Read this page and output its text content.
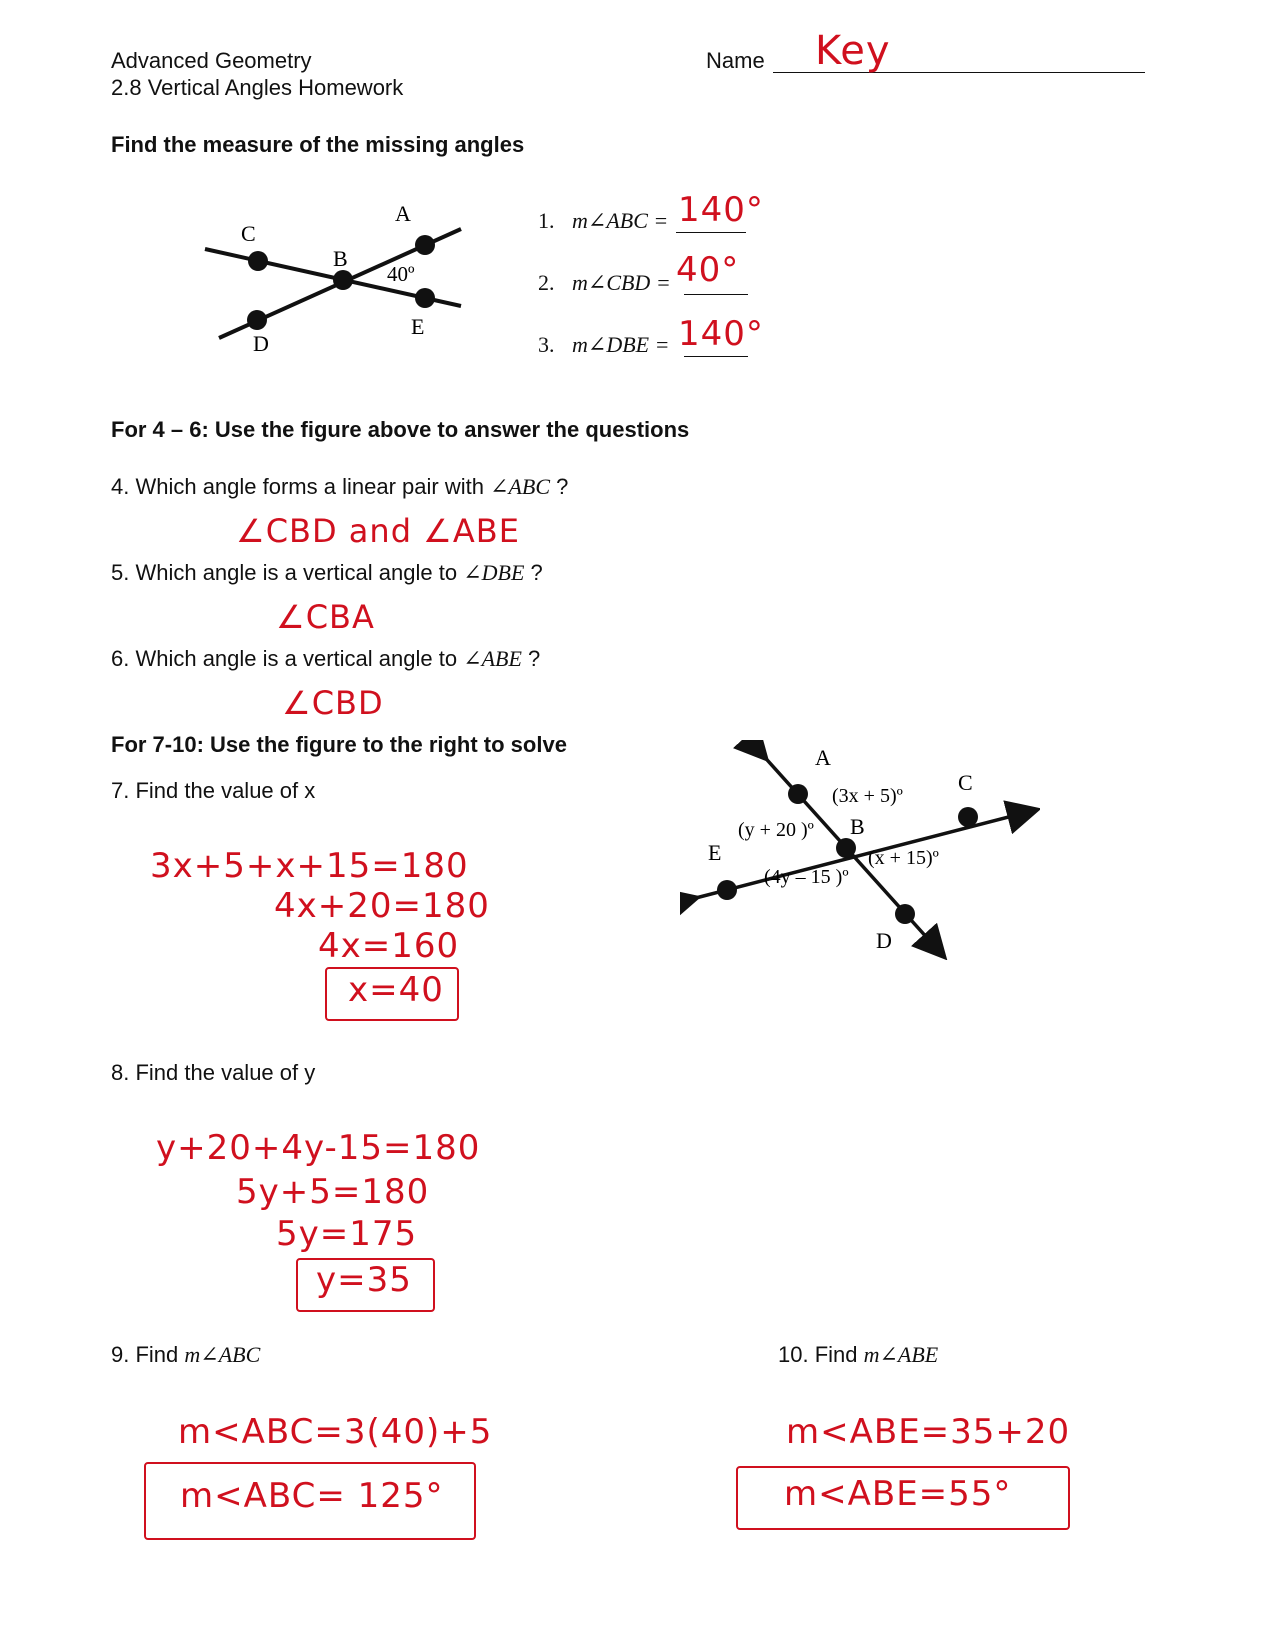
Advanced Geometry
2.8 Vertical Angles Homework
Name Key
Find the measure of the missing angles
C
B
A
D
E
40º
1. m∠ABC = 140°
2. m∠CBD = 40°
3. m∠DBE = 140°
For 4 – 6: Use the figure above to answer the questions
4. Which angle forms a linear pair with ∠ABC ?
∠CBD and ∠ABE
5. Which angle is a vertical angle to ∠DBE ?
∠CBA
6. Which angle is a vertical angle to ∠ABE ?
∠CBD
For 7-10: Use the figure to the right to solve
A
B
C
D
E
(3x + 5)º
(y + 20 )º
(x + 15)º
(4y – 15 )º
7. Find the value of x
3x+5+x+15=180
4x+20=180
4x=160
x=40
8. Find the value of y
y+20+4y-15=180
5y+5=180
5y=175
y=35
9. Find m∠ABC
m<ABC=3(40)+5
m<ABC= 125°
10. Find m∠ABE
m<ABE=35+20
m<ABE=55°
